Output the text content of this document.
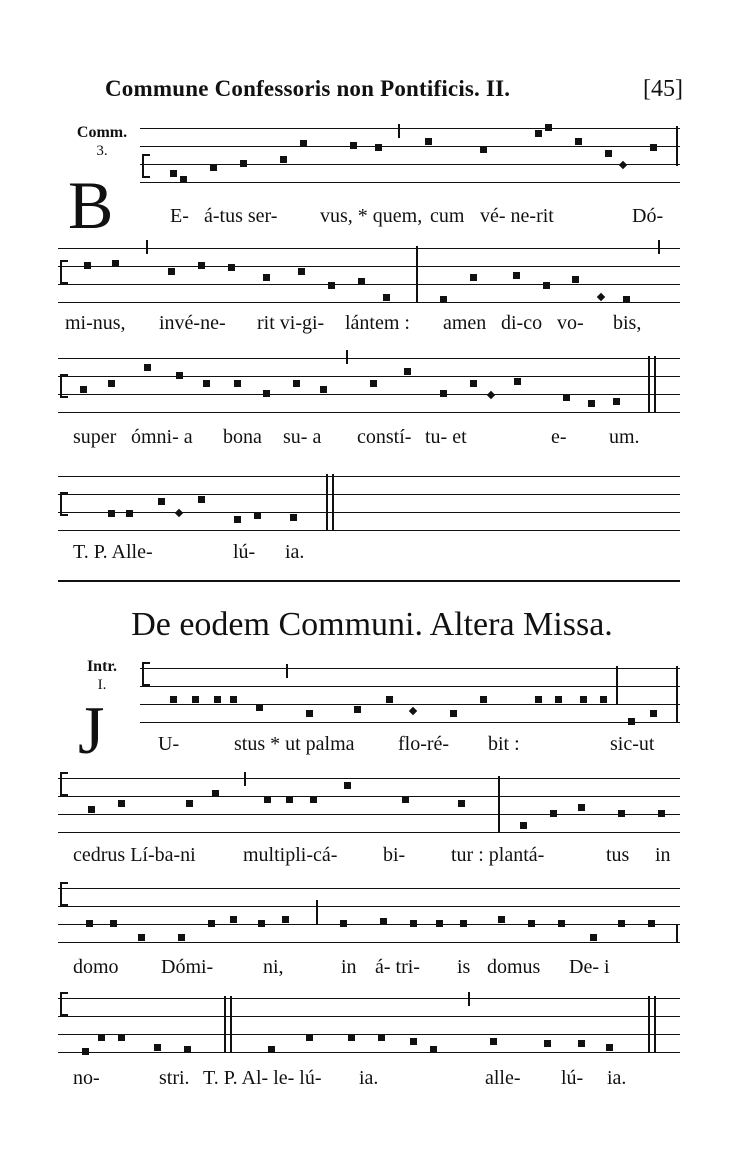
Commune Confessoris non Pontificis. II.	[45]
Comm.
3.
B	E- á-tus ser- vus, * quem, cum vé- ne-rit	Dó-
mi-nus, invé-ne- rit vi-gi- lántem : amen di-co vo- bis,
super ómni- a bona su- a constí- tu- et	e- um.
T. P. Alle-	lú- ia.
De eodem Communi. Altera Missa.
Intr.
I.
J	U-	stus * ut palma flo-ré- bit :	sic-ut
cedrus Lí-ba-ni multipli-cá- bi- tur : plantá-	tus in
domo Dómi- ni,	in á- tri- is domus De- i
no-	stri. T. P. Al- le- lú- ia.	alle- lú- ia.
